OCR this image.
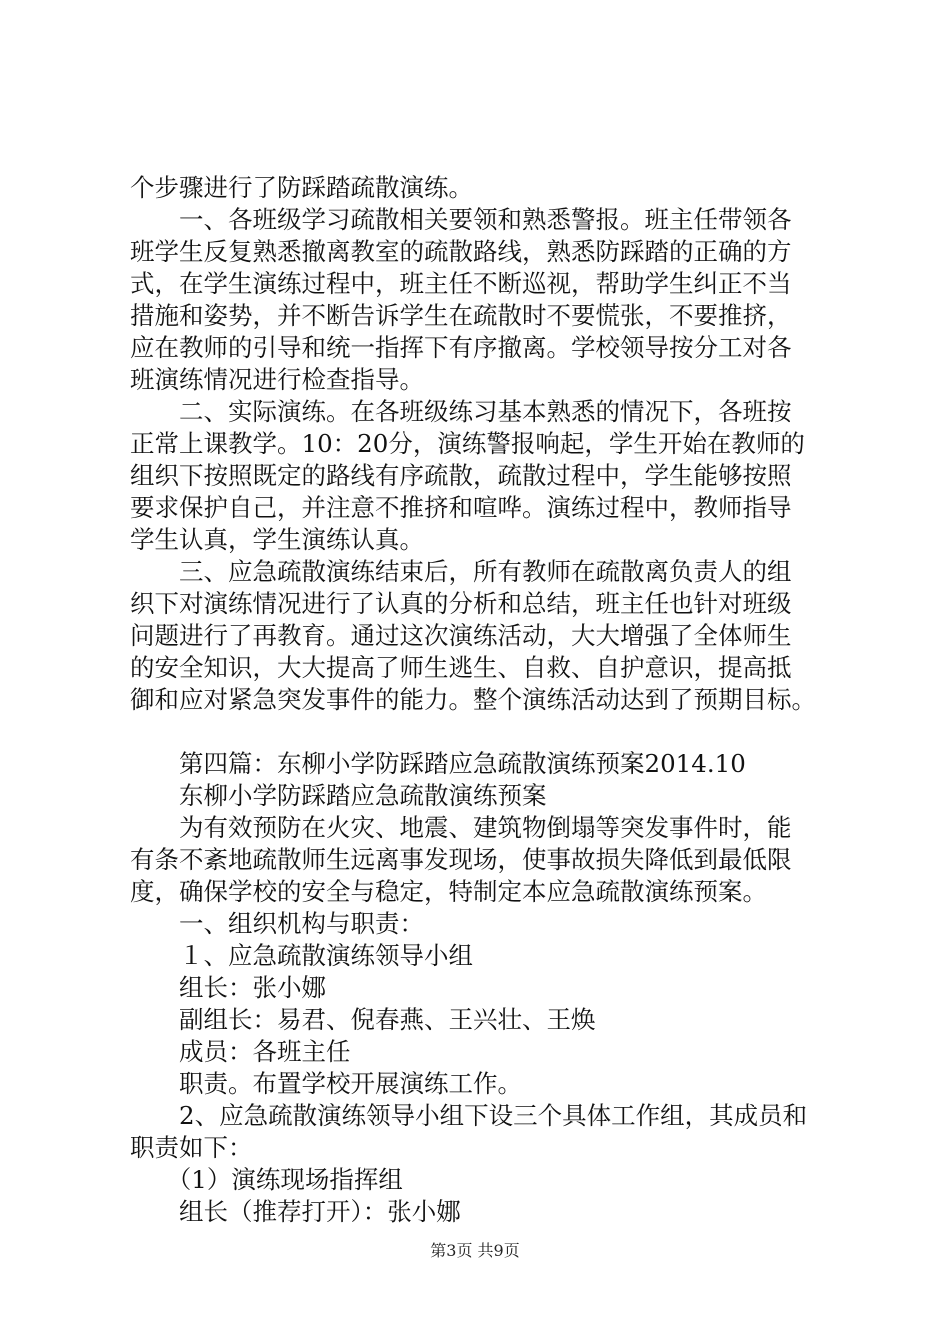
个步骤进行了防踩踏疏散演练。
　　一、各班级学习疏散相关要领和熟悉警报。班主任带领各
班学生反复熟悉撤离教室的疏散路线，熟悉防踩踏的正确的方
式，在学生演练过程中，班主任不断巡视，帮助学生纠正不当
措施和姿势，并不断告诉学生在疏散时不要慌张，不要推挤，
应在教师的引导和统一指挥下有序撤离。学校领导按分工对各
班演练情况进行检查指导。
　　二、实际演练。在各班级练习基本熟悉的情况下，各班按
正常上课教学。10：20分，演练警报响起，学生开始在教师的
组织下按照既定的路线有序疏散，疏散过程中，学生能够按照
要求保护自己，并注意不推挤和喧哗。演练过程中，教师指导
学生认真，学生演练认真。
　　三、应急疏散演练结束后，所有教师在疏散离负责人的组
织下对演练情况进行了认真的分析和总结，班主任也针对班级
问题进行了再教育。通过这次演练活动，大大增强了全体师生
的安全知识，大大提高了师生逃生、自救、自护意识，提高抵
御和应对紧急突发事件的能力。整个演练活动达到了预期目标。
　　第四篇：东柳小学防踩踏应急疏散演练预案2014.10
　　东柳小学防踩踏应急疏散演练预案
　　为有效预防在火灾、地震、建筑物倒塌等突发事件时，能
有条不紊地疏散师生远离事发现场，使事故损失降低到最低限
度，确保学校的安全与稳定，特制定本应急疏散演练预案。
　　一、组织机构与职责：
　　１、应急疏散演练领导小组
　　组长：张小娜
　　副组长：易君、倪春燕、王兴壮、王焕
　　成员：各班主任
　　职责。布置学校开展演练工作。
　　2、应急疏散演练领导小组下设三个具体工作组，其成员和
职责如下：
　　（1）演练现场指挥组
　　组长（推荐打开）：张小娜
第3页 共9页
